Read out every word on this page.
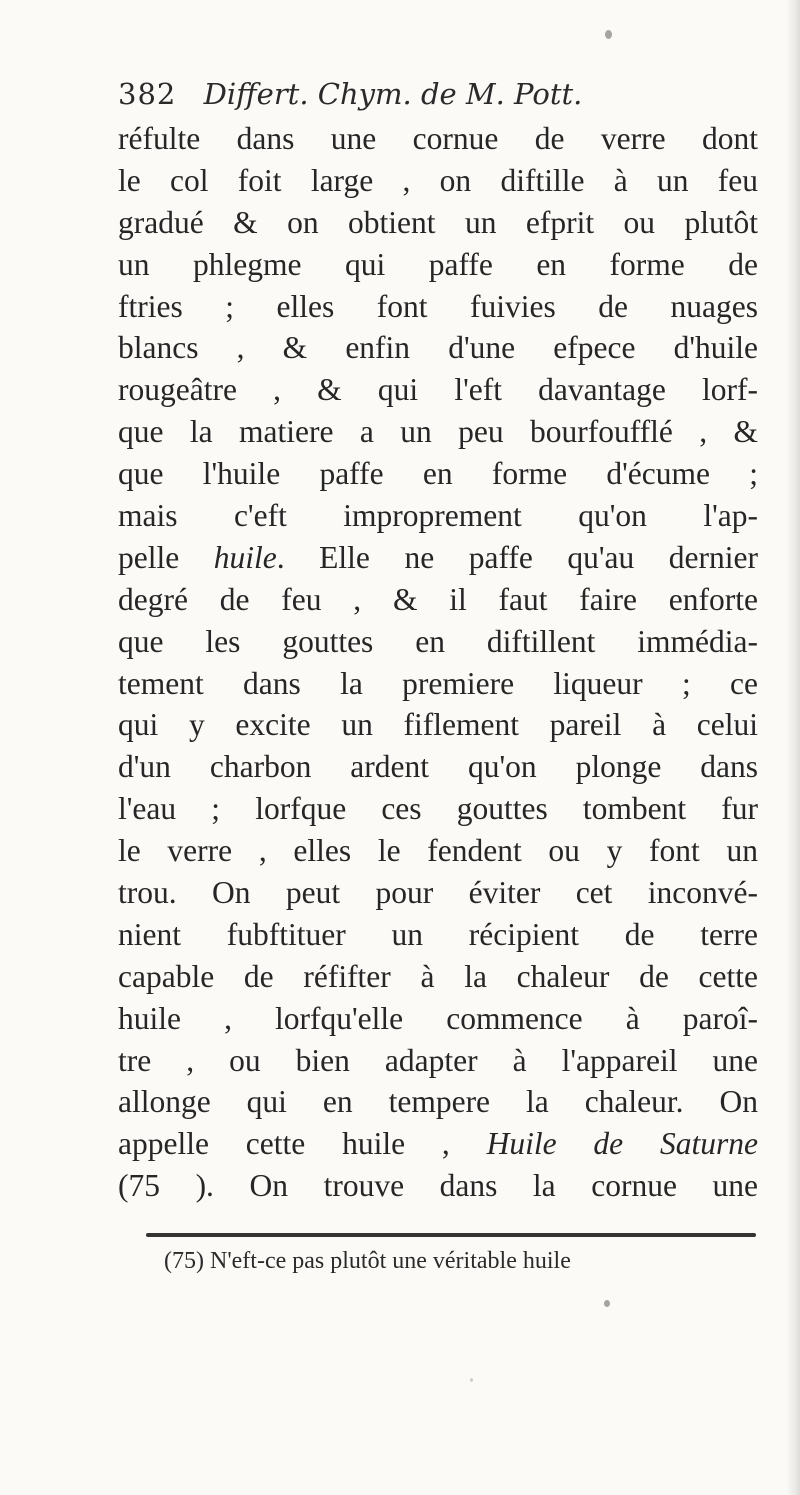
382 Differt. Chym. de M. Pott.
réfulte dans une cornue de verre dont
le col foit large , on diftille à un feu
gradué & on obtient un efprit ou plutôt
un phlegme qui paffe en forme de
ftries ; elles font fuivies de nuages
blancs , & enfin d'une efpece d'huile
rougeâtre , & qui l'eft davantage lorf-
que la matiere a un peu bourfoufflé , &
que l'huile paffe en forme d'écume ;
mais c'eft improprement qu'on l'ap-
pelle huile. Elle ne paffe qu'au dernier
degré de feu , & il faut faire enforte
que les gouttes en diftillent immédia-
tement dans la premiere liqueur ; ce
qui y excite un fiflement pareil à celui
d'un charbon ardent qu'on plonge dans
l'eau ; lorfque ces gouttes tombent fur
le verre , elles le fendent ou y font un
trou. On peut pour éviter cet inconvé-
nient fubftituer un récipient de terre
capable de réfifter à la chaleur de cette
huile , lorfqu'elle commence à paroî-
tre , ou bien adapter à l'appareil une
allonge qui en tempere la chaleur. On
appelle cette huile , Huile de Saturne
(75 ). On trouve dans la cornue une
(75) N'eft-ce pas plutôt une véritable huile
